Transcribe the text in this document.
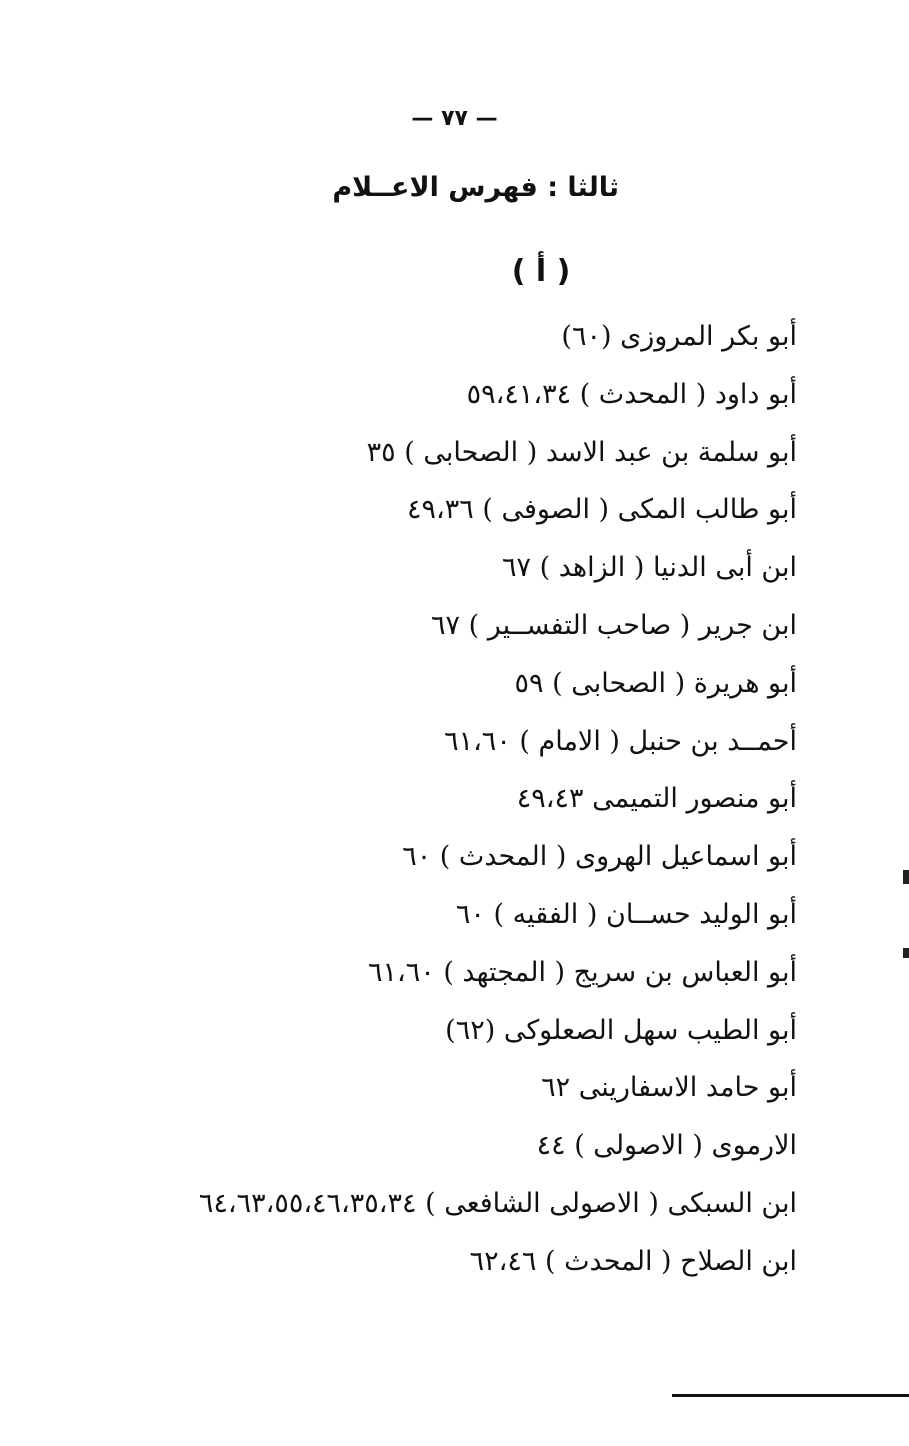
— ٧٧ —
ثالثا : فهرس الاعــلام
( أ )
أبو بكر المروزى (٦٠)
أبو داود ( المحدث ) ٥٩،٤١،٣٤
أبو سلمة بن عبد الاسد ( الصحابى ) ٣٥
أبو طالب المكى ( الصوفى ) ٤٩،٣٦
ابن أبى الدنيا ( الزاهد ) ٦٧
ابن جرير ( صاحب التفســير ) ٦٧
أبو هريرة ( الصحابى ) ٥٩
أحمــد بن حنبل ( الامام ) ٦١،٦٠
أبو منصور التميمى ٤٩،٤٣
أبو اسماعيل الهروى ( المحدث ) ٦٠
أبو الوليد حســان ( الفقيه ) ٦٠
أبو العباس بن سريج ( المجتهد ) ٦١،٦٠
أبو الطيب سهل الصعلوكى (٦٢)
أبو حامد الاسفارينى ٦٢
الارموى ( الاصولى ) ٤٤
ابن السبكى ( الاصولى الشافعى ) ٦٤،٦٣،٥٥،٤٦،٣٥،٣٤
ابن الصلاح ( المحدث ) ٦٢،٤٦
